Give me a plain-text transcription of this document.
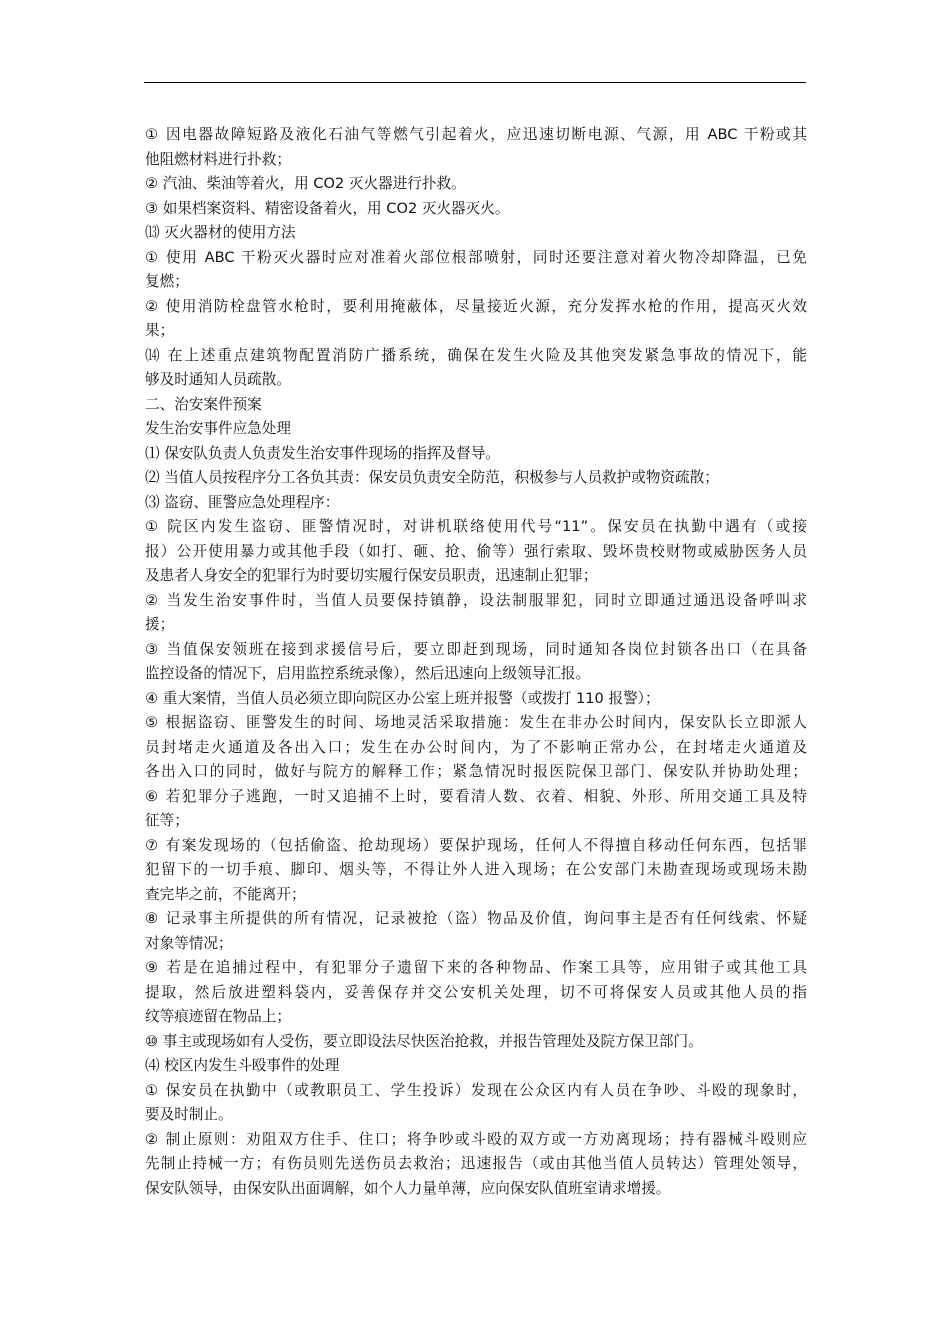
① 因电器故障短路及液化石油气等燃气引起着火，应迅速切断电源、气源，用 ABC 干粉或其
他阻燃材料进行扑救；
② 汽油、柴油等着火，用 CO2 灭火器进行扑救。
③ 如果档案资料、精密设备着火，用 CO2 灭火器灭火。
⒀ 灭火器材的使用方法
① 使用 ABC 干粉灭火器时应对准着火部位根部喷射，同时还要注意对着火物冷却降温，已免
复燃；
② 使用消防栓盘管水枪时，要利用掩蔽体，尽量接近火源，充分发挥水枪的作用，提高灭火效
果；
⒁ 在上述重点建筑物配置消防广播系统，确保在发生火险及其他突发紧急事故的情况下，能
够及时通知人员疏散。
二、治安案件预案
发生治安事件应急处理
⑴ 保安队负责人负责发生治安事件现场的指挥及督导。
⑵ 当值人员按程序分工各负其责：保安员负责安全防范，积极参与人员救护或物资疏散；
⑶ 盗窃、匪警应急处理程序：
① 院区内发生盗窃、匪警情况时，对讲机联络使用代号“11”。保安员在执勤中遇有（或接
报）公开使用暴力或其他手段（如打、砸、抢、偷等）强行索取、毁坏贵校财物或威胁医务人员
及患者人身安全的犯罪行为时要切实履行保安员职责，迅速制止犯罪；
② 当发生治安事件时，当值人员要保持镇静，设法制服罪犯，同时立即通过通迅设备呼叫求
援；
③ 当值保安领班在接到求援信号后，要立即赶到现场，同时通知各岗位封锁各出口（在具备
监控设备的情况下，启用监控系统录像），然后迅速向上级领导汇报。
④ 重大案情，当值人员必须立即向院区办公室上班并报警（或拨打 110 报警）；
⑤ 根据盗窃、匪警发生的时间、场地灵活采取措施：发生在非办公时间内，保安队长立即派人
员封堵走火通道及各出入口；发生在办公时间内，为了不影响正常办公，在封堵走火通道及
各出入口的同时，做好与院方的解释工作；紧急情况时报医院保卫部门、保安队并协助处理；
⑥ 若犯罪分子逃跑，一时又追捕不上时，要看清人数、衣着、相貌、外形、所用交通工具及特
征等；
⑦ 有案发现场的（包括偷盗、抢劫现场）要保护现场，任何人不得擅自移动任何东西，包括罪
犯留下的一切手痕、脚印、烟头等，不得让外人进入现场；在公安部门未勘查现场或现场未勘
查完毕之前，不能离开；
⑧ 记录事主所提供的所有情况，记录被抢（盗）物品及价值，询问事主是否有任何线索、怀疑
对象等情况；
⑨ 若是在追捕过程中，有犯罪分子遗留下来的各种物品、作案工具等，应用钳子或其他工具
提取，然后放进塑料袋内，妥善保存并交公安机关处理，切不可将保安人员或其他人员的指
纹等痕迹留在物品上；
⑩ 事主或现场如有人受伤，要立即设法尽快医治抢救，并报告管理处及院方保卫部门。
⑷ 校区内发生斗殴事件的处理
① 保安员在执勤中（或教职员工、学生投诉）发现在公众区内有人员在争吵、斗殴的现象时，
要及时制止。
② 制止原则：劝阻双方住手、住口；将争吵或斗殴的双方或一方劝离现场；持有器械斗殴则应
先制止持械一方；有伤员则先送伤员去救治；迅速报告（或由其他当值人员转达）管理处领导，
保安队领导，由保安队出面调解，如个人力量单薄，应向保安队值班室请求增援。
